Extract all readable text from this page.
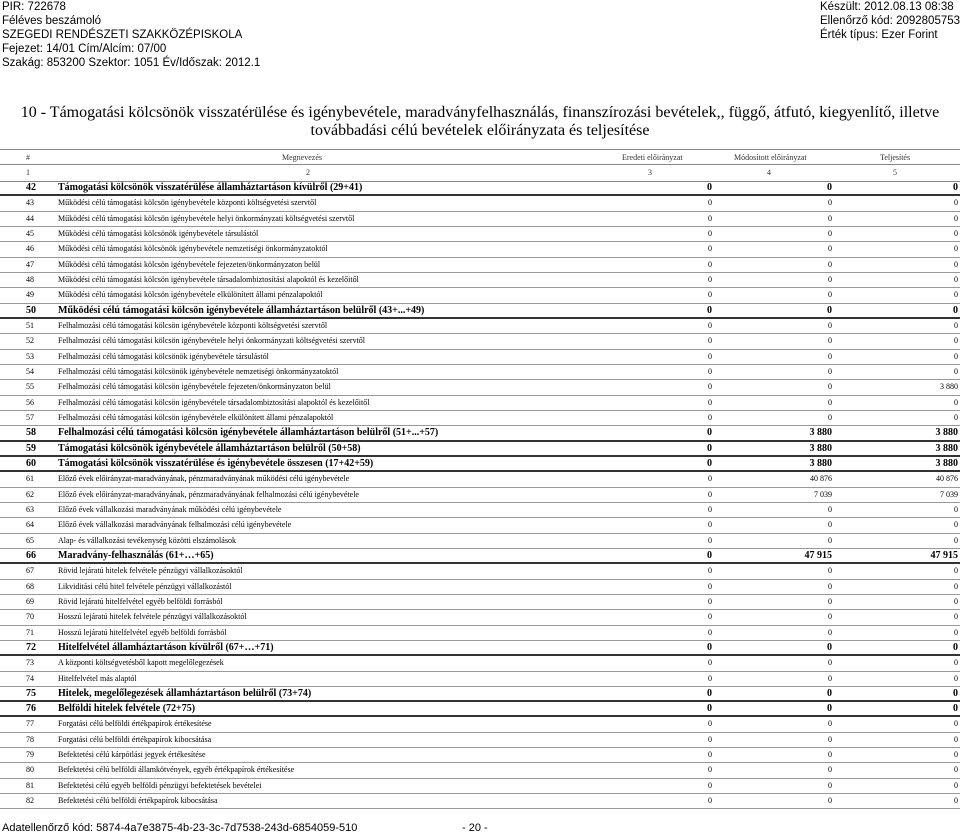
PIR: 722678
Féléves beszámoló
SZEGEDI RENDÉSZETI SZAKKÖZÉPISKOLA
Fejezet: 14/01 Cím/Alcím: 07/00
Szakág: 853200 Szektor: 1051 Év/Időszak: 2012.1
Készült: 2012.08.13 08:38
Ellenőrző kód: 2092805753
Érték típus: Ezer Forint
10 - Támogatási kölcsönök visszatérülése és igénybevétele, maradványfelhasználás, finanszírozási bevételek,, függő, átfutó, kiegyenlítő, illetve továbbadási célú bevételek előirányzata és teljesítése
#	Megnevezés	Eredeti előirányzat	Módosított előirányzat	Teljesítés
1	2	3	4	5
42 Támogatási kölcsönök visszatérülése államháztartáson kívülről (29+41)	0	0	0
43	Működési célú támogatási kölcsön igénybevétele központi költségvetési szervtől	0	0	0
44	Működési célú támogatási kölcsön igénybevétele helyi önkormányzati költségvetési szervtől	0	0	0
45	Működési célú támogatási kölcsönök igénybevétele társulástól	0	0	0
46	Működési célú támogatási kölcsönök igénybevétele nemzetiségi önkormányzatoktól	0	0	0
47	Működési célú támogatási kölcsön igénybevétele fejezeten/önkormányzaton belül	0	0	0
48	Működési célú támogatási kölcsön igénybevétele társadalombiztosítási alapoktól és kezelőitől	0	0	0
49	Működési célú támogatási kölcsön igénybevétele elkülönített állami pénzalapoktól	0	0	0
50 Működési célú támogatási kölcsön igénybevétele államháztartáson belülről (43+...+49)	0	0	0
51	Felhalmozási célú támogatási kölcsön igénybevétele központi költségvetési szervtől	0	0	0
52	Felhalmozási célú támogatási kölcsön igénybevétele helyi önkormányzati költségvetési szervtől	0	0	0
53	Felhalmozási célú támogatási kölcsönök igénybevétele társulástól	0	0	0
54	Felhalmozási célú támogatási kölcsönök igénybevétele nemzetiségi önkormányzatoktól	0	0	0
55	Felhalmozási célú támogatási kölcsön igénybevétele fejezeten/önkormányzaton belül	0	0	3 880
56	Felhalmozási célú támogatási kölcsön igénybevétele társadalombiztosítási alapoktól és kezelőitől	0	0	0
57	Felhalmozási célú támogatási kölcsön igénybevétele elkülönített állami pénzalapoktól	0	0	0
58 Felhalmozási célú támogatási kölcsön igénybevétele államháztartáson belülről (51+...+57)	0	3 880	3 880
59 Támogatási kölcsönök igénybevétele államháztartáson belülről (50+58)	0	3 880	3 880
60 Támogatási kölcsönök visszatérülése és igénybevétele összesen (17+42+59)	0	3 880	3 880
61	Előző évek előirányzat-maradványának, pénzmaradványának működési célú igénybevétele	0	40 876	40 876
62	Előző évek előirányzat-maradványának, pénzmaradványának felhalmozási célú igénybevétele	0	7 039	7 039
63	Előző évek vállalkozási maradványának működési célú igénybevétele	0	0	0
64	Előző évek vállalkozási maradványának felhalmozási célú igénybevétele	0	0	0
65	Alap- és vállalkozási tevékenység közötti elszámolások	0	0	0
66 Maradvány-felhasználás (61+…+65)	0	47 915	47 915
67	Rövid lejáratú hitelek felvétele pénzügyi vállalkozásoktól	0	0	0
68	Likviditási célú hitel felvétele pénzügyi vállalkozástól	0	0	0
69	Rövid lejáratú hitelfelvétel egyéb belföldi forrásból	0	0	0
70	Hosszú lejáratú hitelek felvétele pénzügyi vállalkozásoktól	0	0	0
71	Hosszú lejáratú hitelfelvétel egyéb belföldi forrásból	0	0	0
72 Hitelfelvétel államháztartáson kívülről (67+…+71)	0	0	0
73	A központi költségvetésből kapott megelőlegezések	0	0	0
74	Hitelfelvétel más alaptól	0	0	0
75 Hitelek, megelőlegezések államháztartáson belülről (73+74)	0	0	0
76 Belföldi hitelek felvétele (72+75)	0	0	0
77	Forgatási célú belföldi értékpapírok értékesítése	0	0	0
78	Forgatási célú belföldi értékpapírok kibocsátása	0	0	0
79	Befektetési célú kárpótlási jegyek értékesítése	0	0	0
80	Befektetési célú belföldi államkötvények, egyéb értékpapírok értékesítése	0	0	0
81	Befektetési célú egyéb belföldi pénzügyi befektetések bevételei	0	0	0
82	Befektetési célú belföldi értékpapírok kibocsátása	0	0	0
Adatellenőrző kód: 5874-4a7e3875-4b-23-3c-7d7538-243d-6854059-510	- 20 -
